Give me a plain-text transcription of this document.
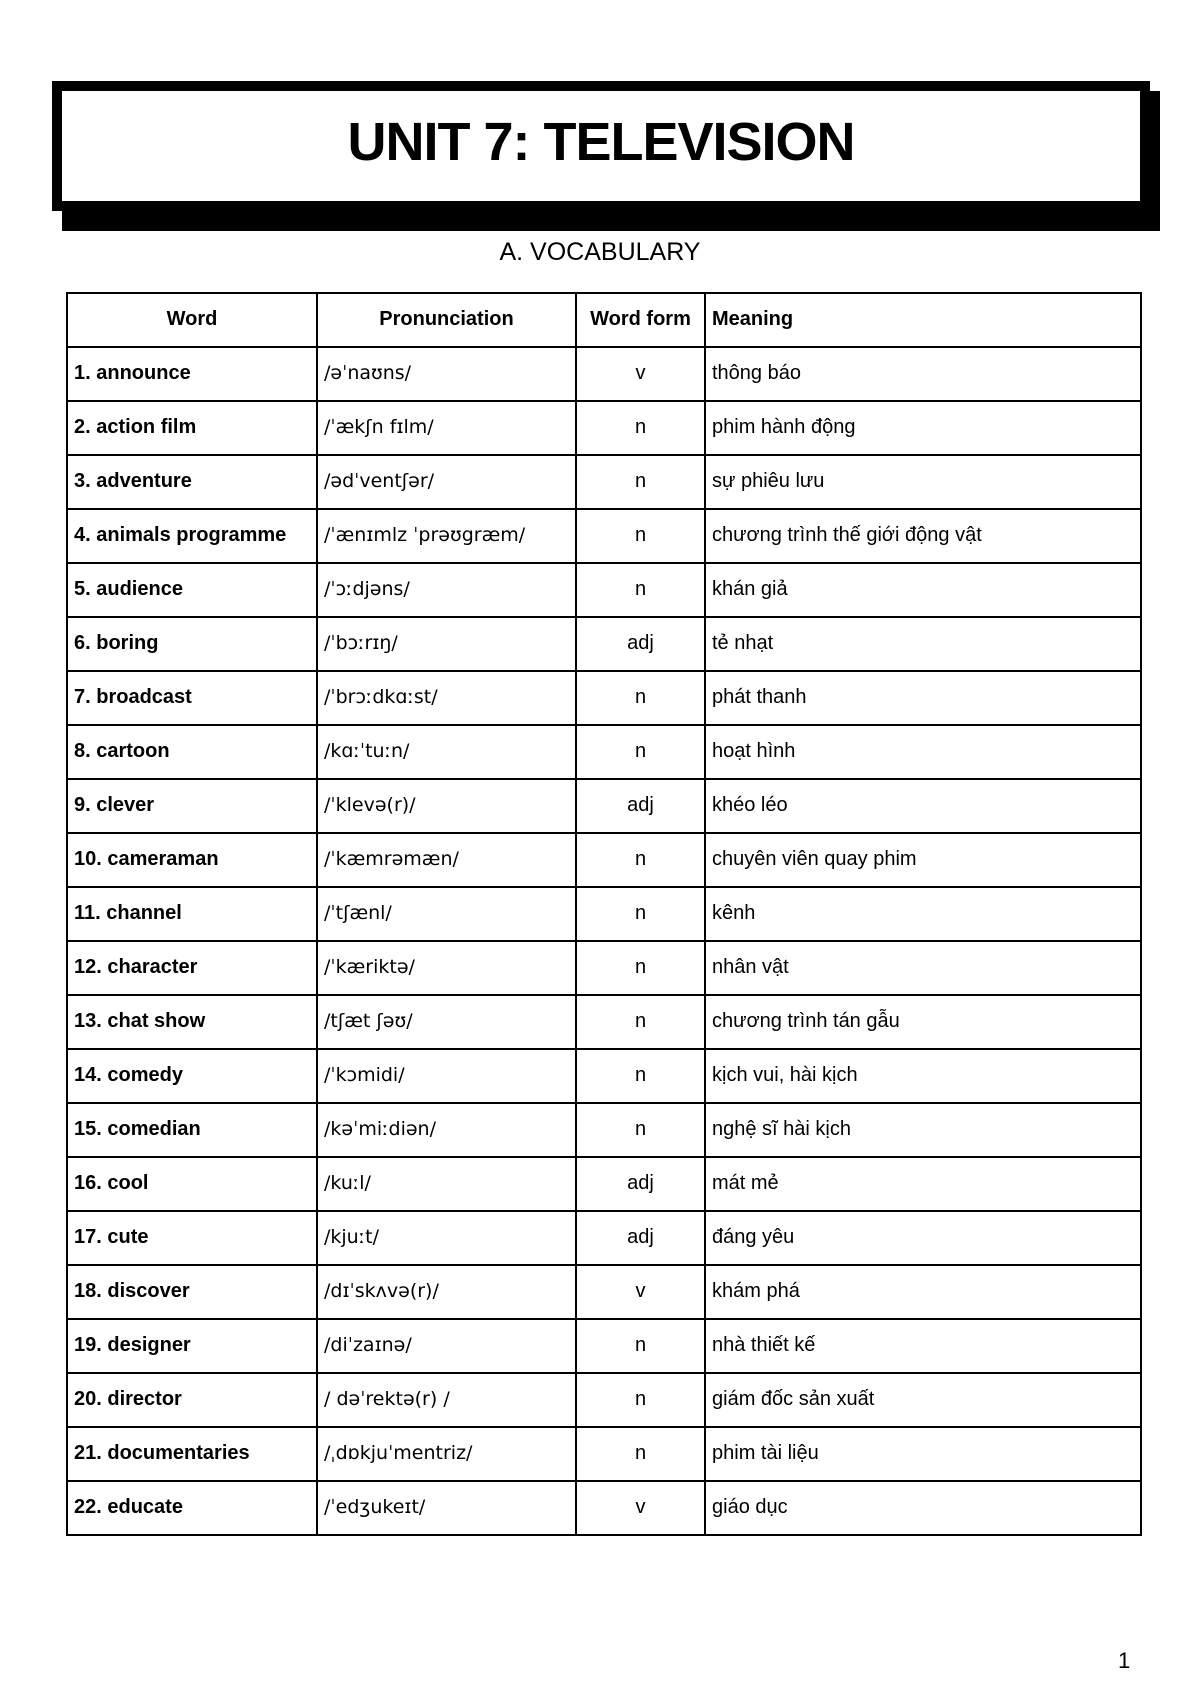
UNIT 7: TELEVISION
A. VOCABULARY
Word	Pronunciation	Word form	Meaning
1. announce	/əˈnaʊns/	v	thông báo
2. action film	/ˈækʃn fɪlm/	n	phim hành động
3. adventure	/ədˈventʃər/	n	sự phiêu lưu
4. animals programme	/ˈænɪmlz ˈprəʊgræm/	n	chương trình thế giới động vật
5. audience	/ˈɔːdjəns/	n	khán giả
6. boring	/ˈbɔːrɪŋ/	adj	tẻ nhạt
7. broadcast	/ˈbrɔːdkɑːst/	n	phát thanh
8. cartoon	/kɑːˈtuːn/	n	hoạt hình
9. clever	/ˈklevə(r)/	adj	khéo léo
10. cameraman	/ˈkæmrəmæn/	n	chuyên viên quay phim
11. channel	/ˈtʃænl/	n	kênh
12. character	/ˈkæriktə/	n	nhân vật
13. chat show	/tʃæt ʃəʊ/	n	chương trình tán gẫu
14. comedy	/ˈkɔmidi/	n	kịch vui, hài kịch
15. comedian	/kəˈmiːdiən/	n	nghệ sĩ hài kịch
16. cool	/kuːl/	adj	mát mẻ
17. cute	/kjuːt/	adj	đáng yêu
18. discover	/dɪˈskʌvə(r)/	v	khám phá
19. designer	/diˈzaɪnə/	n	nhà thiết kế
20. director	/ dəˈrektə(r) /	n	giám đốc sản xuất
21. documentaries	/ˌdɒkjuˈmentriz/	n	phim tài liệu
22. educate	/ˈedʒukeɪt/	v	giáo dục
1
